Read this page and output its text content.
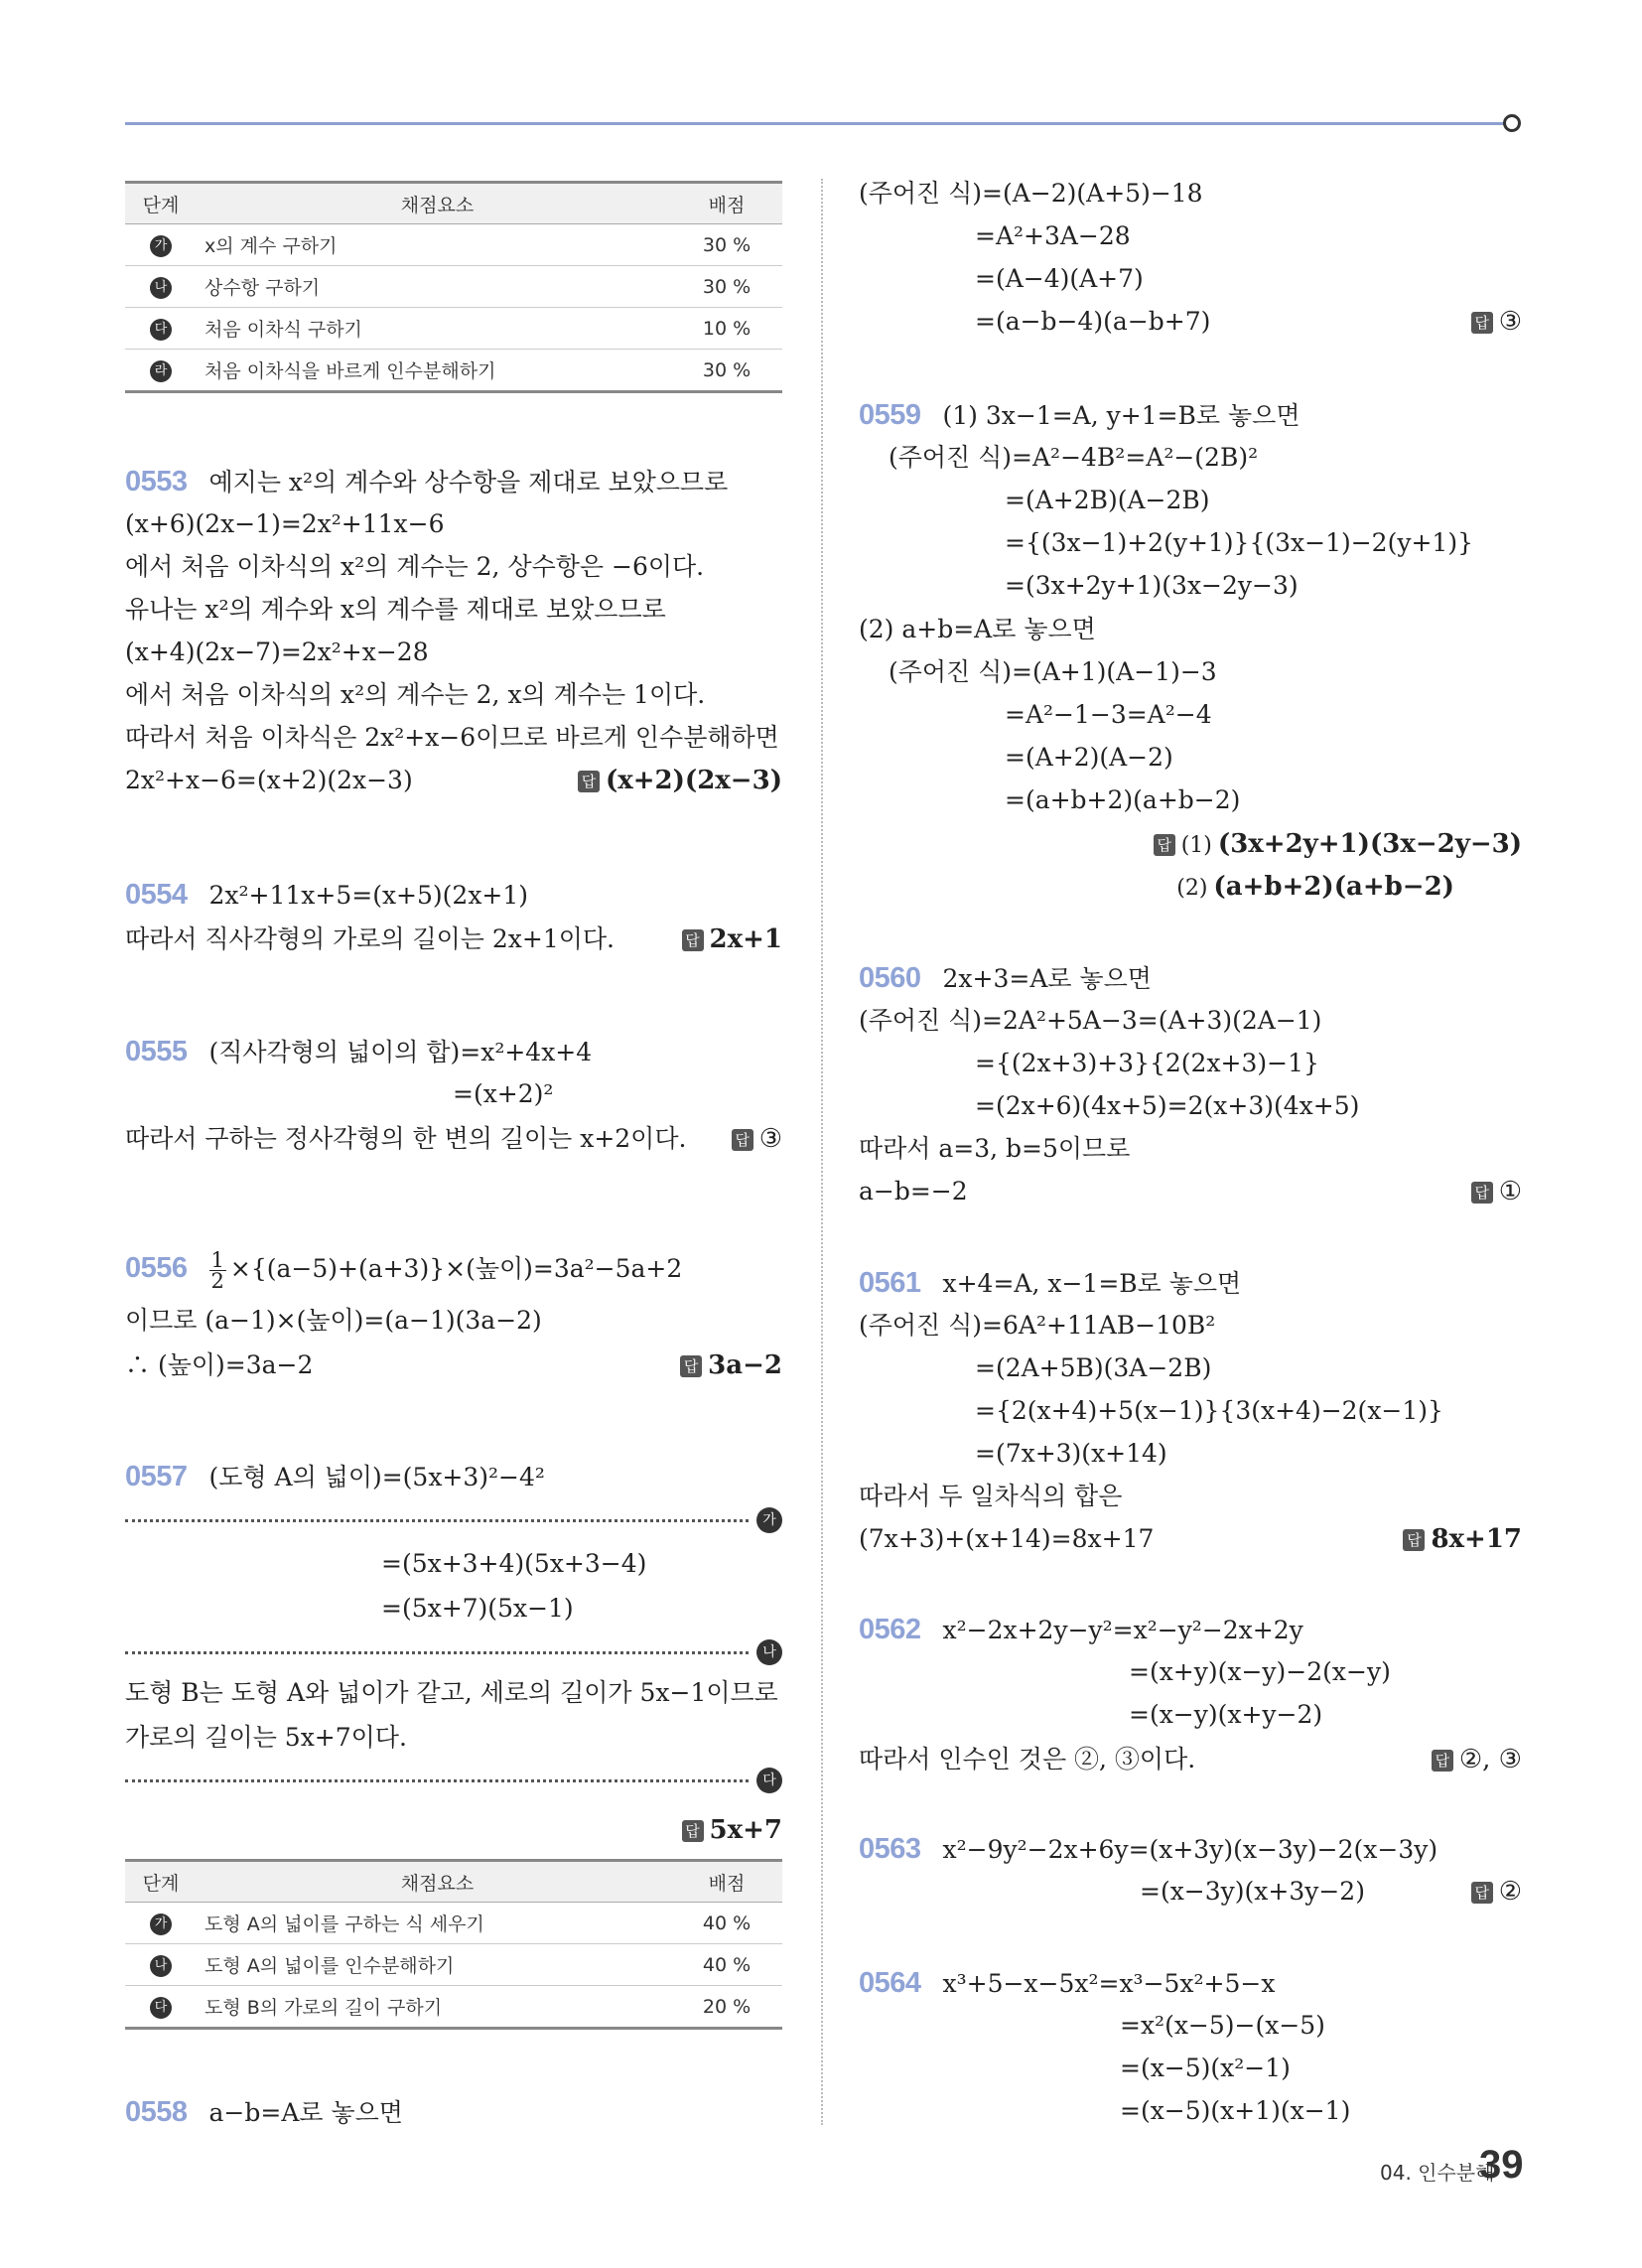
단계	채점요소	배점
가	x의 계수 구하기	30 %
나	상수항 구하기	30 %
다	처음 이차식 구하기	10 %
라	처음 이차식을 바르게 인수분해하기	30 %
0553 예지는 x²의 계수와 상수항을 제대로 보았으므로
(x+6)(2x−1)=2x²+11x−6
에서 처음 이차식의 x²의 계수는 2, 상수항은 −6이다.
유나는 x²의 계수와 x의 계수를 제대로 보았으므로
(x+4)(2x−7)=2x²+x−28
에서 처음 이차식의 x²의 계수는 2, x의 계수는 1이다.
따라서 처음 이차식은 2x²+x−6이므로 바르게 인수분해하면
2x²+x−6=(x+2)(2x−3)	답 (x+2)(2x−3)
0554 2x²+11x+5=(x+5)(2x+1)
따라서 직사각형의 가로의 길이는 2x+1이다.	답 2x+1
0555 (직사각형의 넓이의 합)=x²+4x+4
=(x+2)²
따라서 구하는 정사각형의 한 변의 길이는 x+2이다.	답 ③
$0556 \frac{1}{2} \times\{(a-5)+(a+3)\}\times$(높이)=3a²−5a+2
이므로 (a−1)×(높이)=(a−1)(3a−2)
∴ (높이)=3a−2	답 3a−2
0557 (도형 A의 넓이)=(5x+3)²−4²
가
=(5x+3+4)(5x+3−4)
=(5x+7)(5x−1)
나
도형 B는 도형 A와 넓이가 같고, 세로의 길이가 5x−1이므로
가로의 길이는 5x+7이다.
다
답 5x+7
단계	채점요소	배점
가	도형 A의 넓이를 구하는 식 세우기	40 %
나	도형 A의 넓이를 인수분해하기	40 %
다	도형 B의 가로의 길이 구하기	20 %
0558 a−b=A로 놓으면
(주어진 식)=(A−2)(A+5)−18
=A²+3A−28
=(A−4)(A+7)
=(a−b−4)(a−b+7)	답 ③
0559 (1) 3x−1=A, y+1=B로 놓으면
(주어진 식)=A²−4B²=A²−(2B)²
=(A+2B)(A−2B)
={(3x−1)+2(y+1)}{(3x−1)−2(y+1)}
=(3x+2y+1)(3x−2y−3)
(2) a+b=A로 놓으면
(주어진 식)=(A+1)(A−1)−3
=A²−1−3=A²−4
=(A+2)(A−2)
=(a+b+2)(a+b−2)
답 (1) (3x+2y+1)(3x−2y−3)
(2) (a+b+2)(a+b−2)
0560 2x+3=A로 놓으면
(주어진 식)=2A²+5A−3=(A+3)(2A−1)
={(2x+3)+3}{2(2x+3)−1}
=(2x+6)(4x+5)=2(x+3)(4x+5)
따라서 a=3, b=5이므로
a−b=−2	답 ①
0561 x+4=A, x−1=B로 놓으면
(주어진 식)=6A²+11AB−10B²
=(2A+5B)(3A−2B)
={2(x+4)+5(x−1)}{3(x+4)−2(x−1)}
=(7x+3)(x+14)
따라서 두 일차식의 합은
(7x+3)+(x+14)=8x+17	답 8x+17
0562 x²−2x+2y−y²=x²−y²−2x+2y
=(x+y)(x−y)−2(x−y)
=(x−y)(x+y−2)
따라서 인수인 것은 ②, ③이다.	답 ②, ③
0563 x²−9y²−2x+6y=(x+3y)(x−3y)−2(x−3y)
=(x−3y)(x+3y−2)	답 ②
0564 x³+5−x−5x²=x³−5x²+5−x
=x²(x−5)−(x−5)
=(x−5)(x²−1)
=(x−5)(x+1)(x−1)
04. 인수분해
39
